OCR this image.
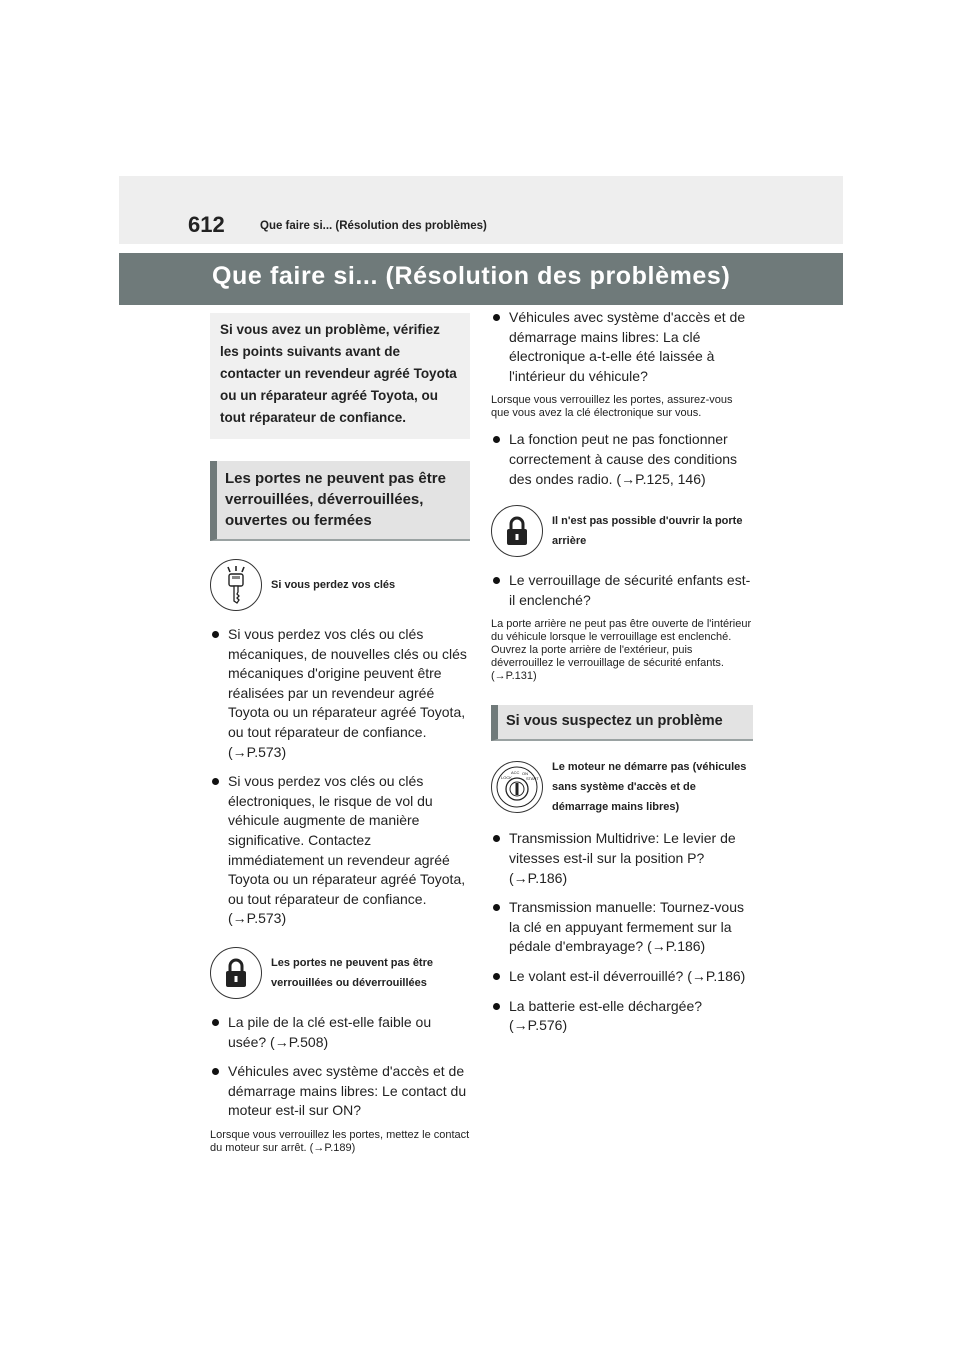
612	Que faire si... (Résolution des problèmes)
Que faire si... (Résolution des problèmes)
Si vous avez un problème, vérifiez les points suivants avant de contacter un revendeur agréé Toyota ou un réparateur agréé Toyota, ou tout réparateur de confiance.
Les portes ne peuvent pas être verrouillées, déverrouillées, ouvertes ou fermées
Si vous perdez vos clés
Si vous perdez vos clés ou clés mécaniques, de nouvelles clés ou clés mécaniques d'origine peuvent être réalisées par un revendeur agréé Toyota ou un réparateur agréé Toyota, ou tout réparateur de confiance. (→P.573)
Si vous perdez vos clés ou clés électroniques, le risque de vol du véhicule augmente de manière significative. Contactez immédiatement un revendeur agréé Toyota ou un réparateur agréé Toyota, ou tout réparateur de confiance. (→P.573)
Les portes ne peuvent pas être verrouillées ou déverrouillées
La pile de la clé est-elle faible ou usée? (→P.508)
Véhicules avec système d'accès et de démarrage mains libres: Le contact du moteur est-il sur ON?
Lorsque vous verrouillez les portes, mettez le contact du moteur sur arrêt. (→P.189)
Véhicules avec système d'accès et de démarrage mains libres: La clé électronique a-t-elle été laissée à l'intérieur du véhicule?
Lorsque vous verrouillez les portes, assurez-vous que vous avez la clé électronique sur vous.
La fonction peut ne pas fonctionner correctement à cause des conditions des ondes radio. (→P.125, 146)
Il n'est pas possible d'ouvrir la porte arrière
Le verrouillage de sécurité enfants est-il enclenché?
La porte arrière ne peut pas être ouverte de l'intérieur du véhicule lorsque le verrouillage est enclenché. Ouvrez la porte arrière de l'extérieur, puis déverrouillez le verrouillage de sécurité enfants. (→P.131)
Si vous suspectez un problème
LOCK
ACC ON
START
Le moteur ne démarre pas (véhicules sans système d'accès et de démarrage mains libres)
Transmission Multidrive: Le levier de vitesses est-il sur la position P? (→P.186)
Transmission manuelle: Tournez-vous la clé en appuyant fermement sur la pédale d'embrayage? (→P.186)
Le volant est-il déverrouillé? (→P.186)
La batterie est-elle déchargée? (→P.576)
